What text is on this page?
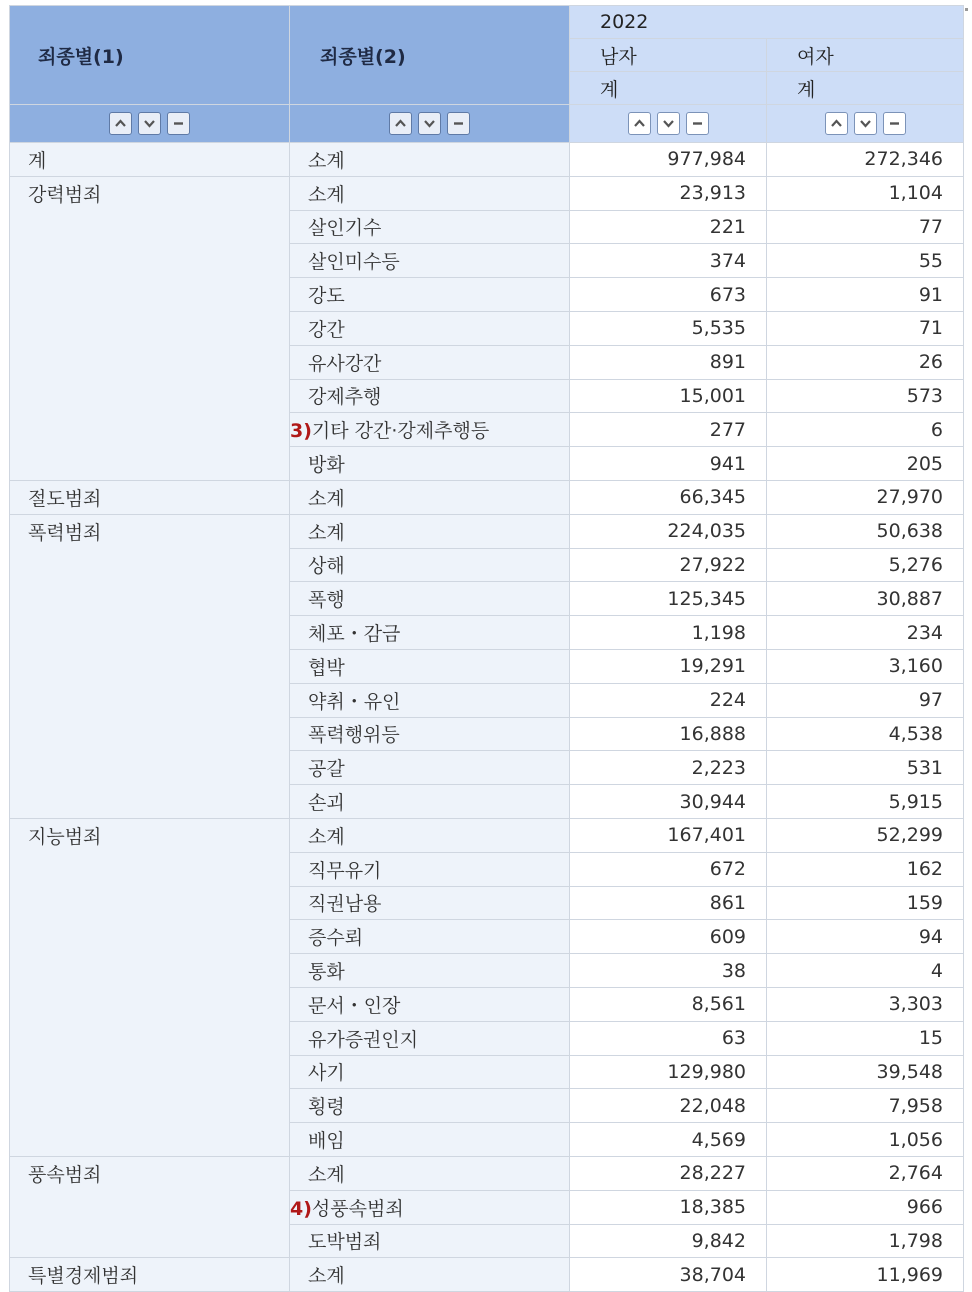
죄종별(1)	죄종별(2)	2022	
		남자	여자
		계	계

계	소계	977,984	272,346
강력범죄	소계	23,913	1,104
	살인기수	221	77
	살인미수등	374	55
	강도	673	91
	강간	5,535	71
	유사강간	891	26
	강제추행	15,001	573
	3)기타 강간·강제추행등	277	6
	방화	941	205
절도범죄	소계	66,345	27,970
폭력범죄	소계	224,035	50,638
	상해	27,922	5,276
	폭행	125,345	30,887
	체포・감금	1,198	234
	협박	19,291	3,160
	약취・유인	224	97
	폭력행위등	16,888	4,538
	공갈	2,223	531
	손괴	30,944	5,915
지능범죄	소계	167,401	52,299
	직무유기	672	162
	직권남용	861	159
	증수뢰	609	94
	통화	38	4
	문서・인장	8,561	3,303
	유가증권인지	63	15
	사기	129,980	39,548
	횡령	22,048	7,958
	배임	4,569	1,056
풍속범죄	소계	28,227	2,764
	4)성풍속범죄	18,385	966
	도박범죄	9,842	1,798
특별경제범죄	소계	38,704	11,969
